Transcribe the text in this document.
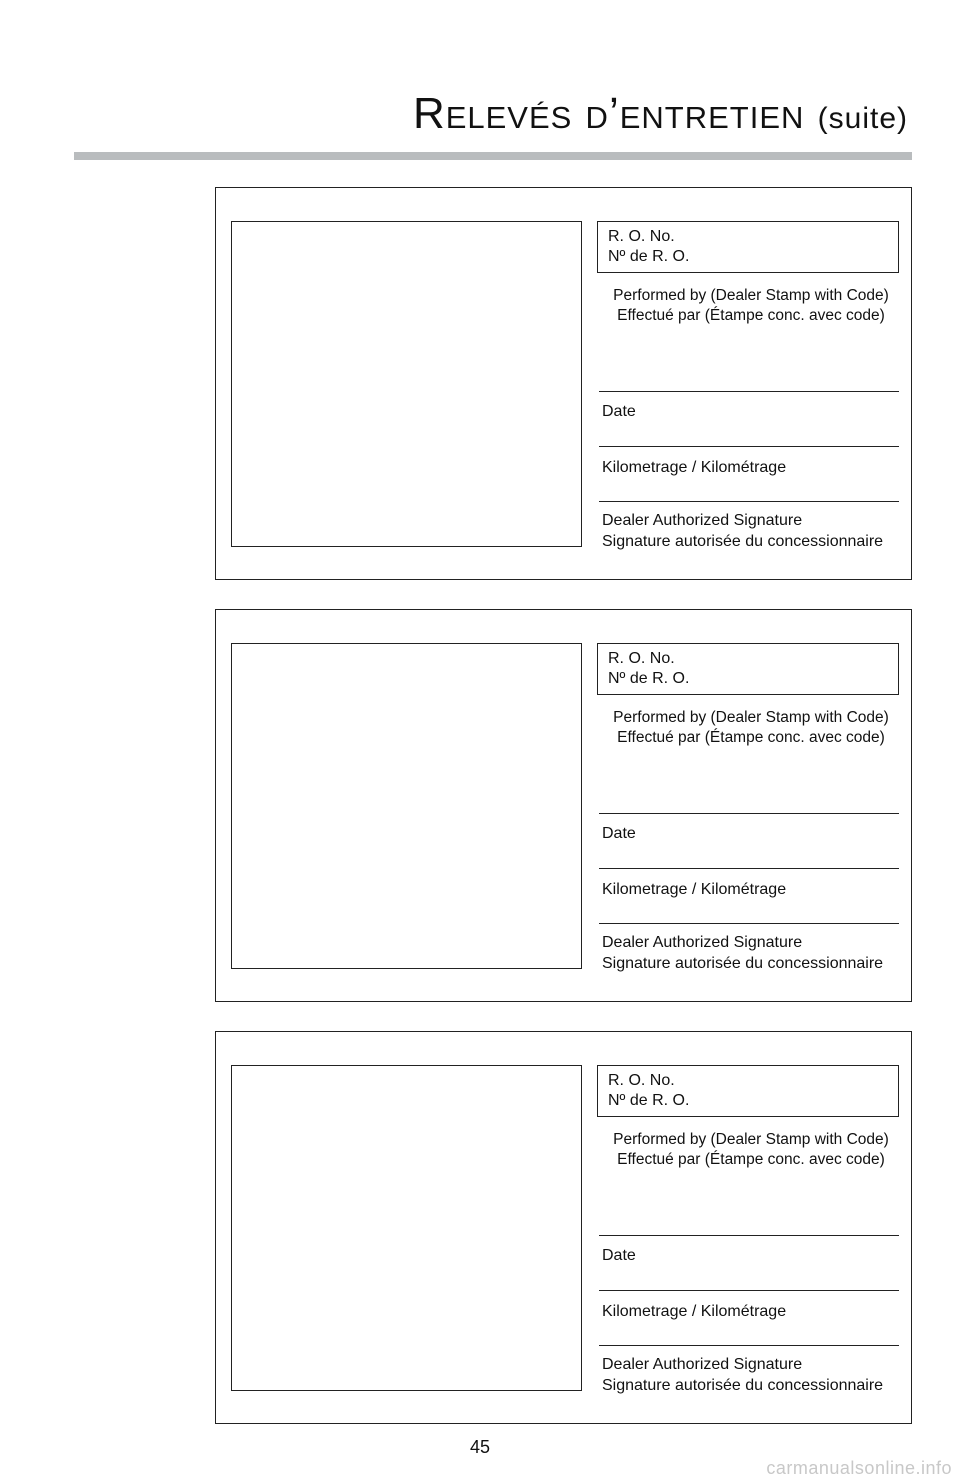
Relevés d’entretien (suite)
R. O. No.
Nº de R. O.
Performed by (Dealer Stamp with Code)
Effectué par (Étampe conc. avec code)
Date
Kilometrage / Kilométrage
Dealer Authorized Signature
Signature autorisée du concessionnaire
R. O. No.
Nº de R. O.
Performed by (Dealer Stamp with Code)
Effectué par (Étampe conc. avec code)
Date
Kilometrage / Kilométrage
Dealer Authorized Signature
Signature autorisée du concessionnaire
R. O. No.
Nº de R. O.
Performed by (Dealer Stamp with Code)
Effectué par (Étampe conc. avec code)
Date
Kilometrage / Kilométrage
Dealer Authorized Signature
Signature autorisée du concessionnaire
45
carmanualsonline.info
